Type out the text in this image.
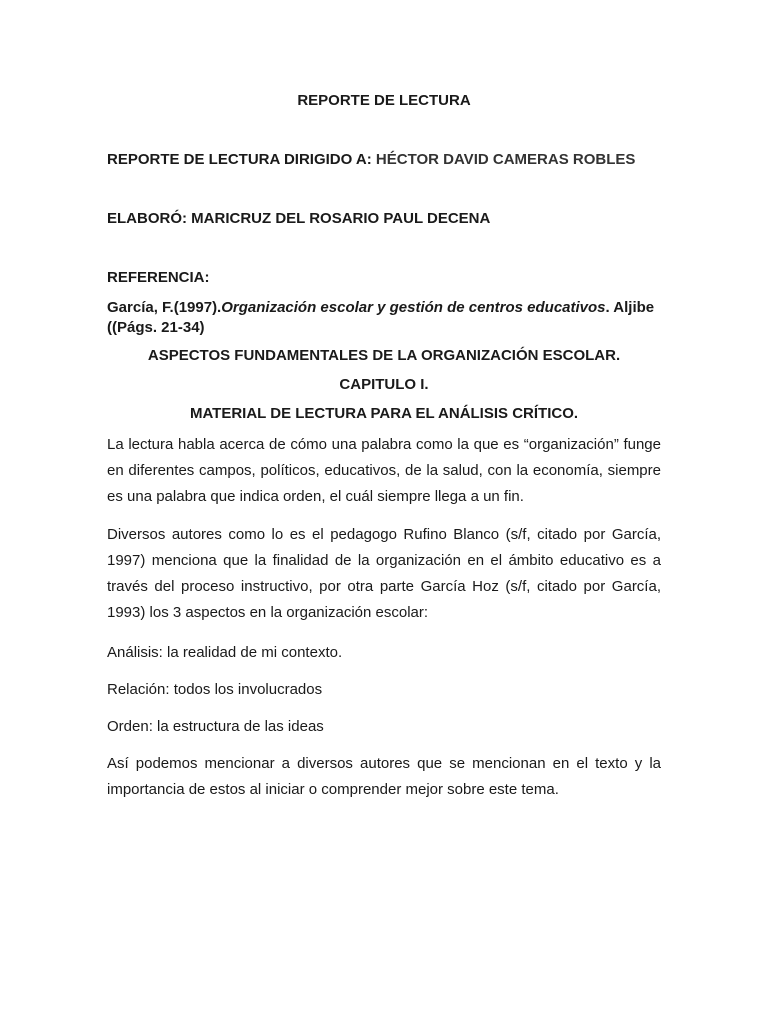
REPORTE DE LECTURA
REPORTE DE LECTURA DIRIGIDO A: HÉCTOR DAVID CAMERAS ROBLES
ELABORÓ: MARICRUZ DEL ROSARIO PAUL DECENA
REFERENCIA:
García, F.(1997).Organización escolar y gestión de centros educativos. Aljibe
((Págs. 21-34)
ASPECTOS FUNDAMENTALES DE LA ORGANIZACIÓN ESCOLAR.
CAPITULO I.
MATERIAL DE LECTURA PARA EL ANÁLISIS CRÍTICO.
La lectura habla acerca de cómo una palabra como la que es “organización” funge en diferentes campos, políticos, educativos, de la salud, con la economía, siempre es una palabra que indica orden, el cuál siempre llega a un fin.
Diversos autores como lo es el pedagogo Rufino Blanco (s/f, citado por García, 1997) menciona que la finalidad de la organización en el ámbito educativo es a través del proceso instructivo, por otra parte García Hoz (s/f, citado por García, 1993) los 3 aspectos en la organización escolar:
Análisis: la realidad de mi contexto.
Relación: todos los involucrados
Orden: la estructura de las ideas
Así podemos mencionar a diversos autores que se mencionan en el texto y la importancia de estos al iniciar o comprender mejor sobre este tema.
